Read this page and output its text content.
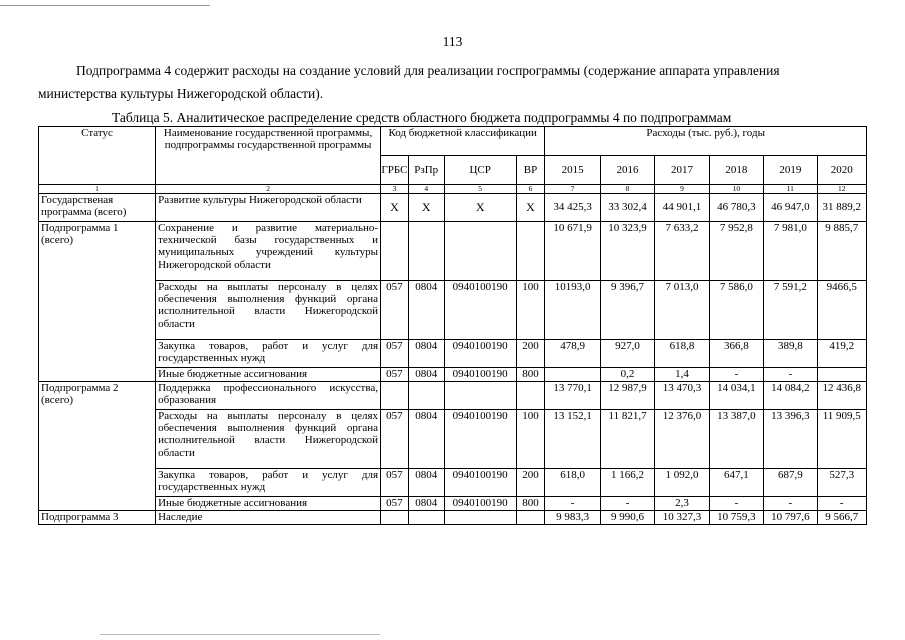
113
Подпрограмма 4 содержит расходы на создание условий для реализации госпрограммы (содержание аппарата управления
министерства культуры Нижегородской области).
Таблица 5. Аналитическое распределение средств областного бюджета подпрограммы 4 по подпрограммам
Статус	Наименование государственной программы, подпрограммы государственной программы	Код бюджетной классификации				Расходы (тыс. руб.), годы					
		ГРБС	РзПр	ЦСР	ВР	2015	2016	2017	2018	2019	2020
1	2	3	4	5	6	7	8	9	10	11	12
Государственая программа (всего)	Развитие культуры Нижегородской области	Х	Х	Х	Х	34 425,3	33 302,4	44 901,1	46 780,3	46 947,0	31 889,2
Подпрограмма 1 (всего)	Сохранение и развитие материально-технической базы государственных и муниципальных учреждений культуры Нижегородской области					10 671,9	10 323,9	7 633,2	7 952,8	7 981,0	9 885,7
	Расходы на выплаты персоналу в целях обеспечения выполнения функций органа исполнительной власти Нижегородской области	057	0804	0940100190	100	10193,0	9 396,7	7 013,0	7 586,0	7 591,2	9466,5
	Закупка товаров, работ и услуг для государственных нужд	057	0804	0940100190	200	478,9	927,0	618,8	366,8	389,8	419,2
	Иные бюджетные ассигнования	057	0804	0940100190	800		0,2	1,4	-	-	
Подпрограмма 2 (всего)	Поддержка профессионального искусства, образования					13 770,1	12 987,9	13 470,3	14 034,1	14 084,2	12 436,8
	Расходы на выплаты персоналу в целях обеспечения выполнения функций органа исполнительной власти Нижегородской области	057	0804	0940100190	100	13 152,1	11 821,7	12 376,0	13 387,0	13 396,3	11 909,5
	Закупка товаров, работ и услуг для государственных нужд	057	0804	0940100190	200	618,0	1 166,2	1 092,0	647,1	687,9	527,3
	Иные бюджетные ассигнования	057	0804	0940100190	800	-	-	2,3	-	-	-
Подпрограмма 3	Наследие					9 983,3	9 990,6	10 327,3	10 759,3	10 797,6	9 566,7
